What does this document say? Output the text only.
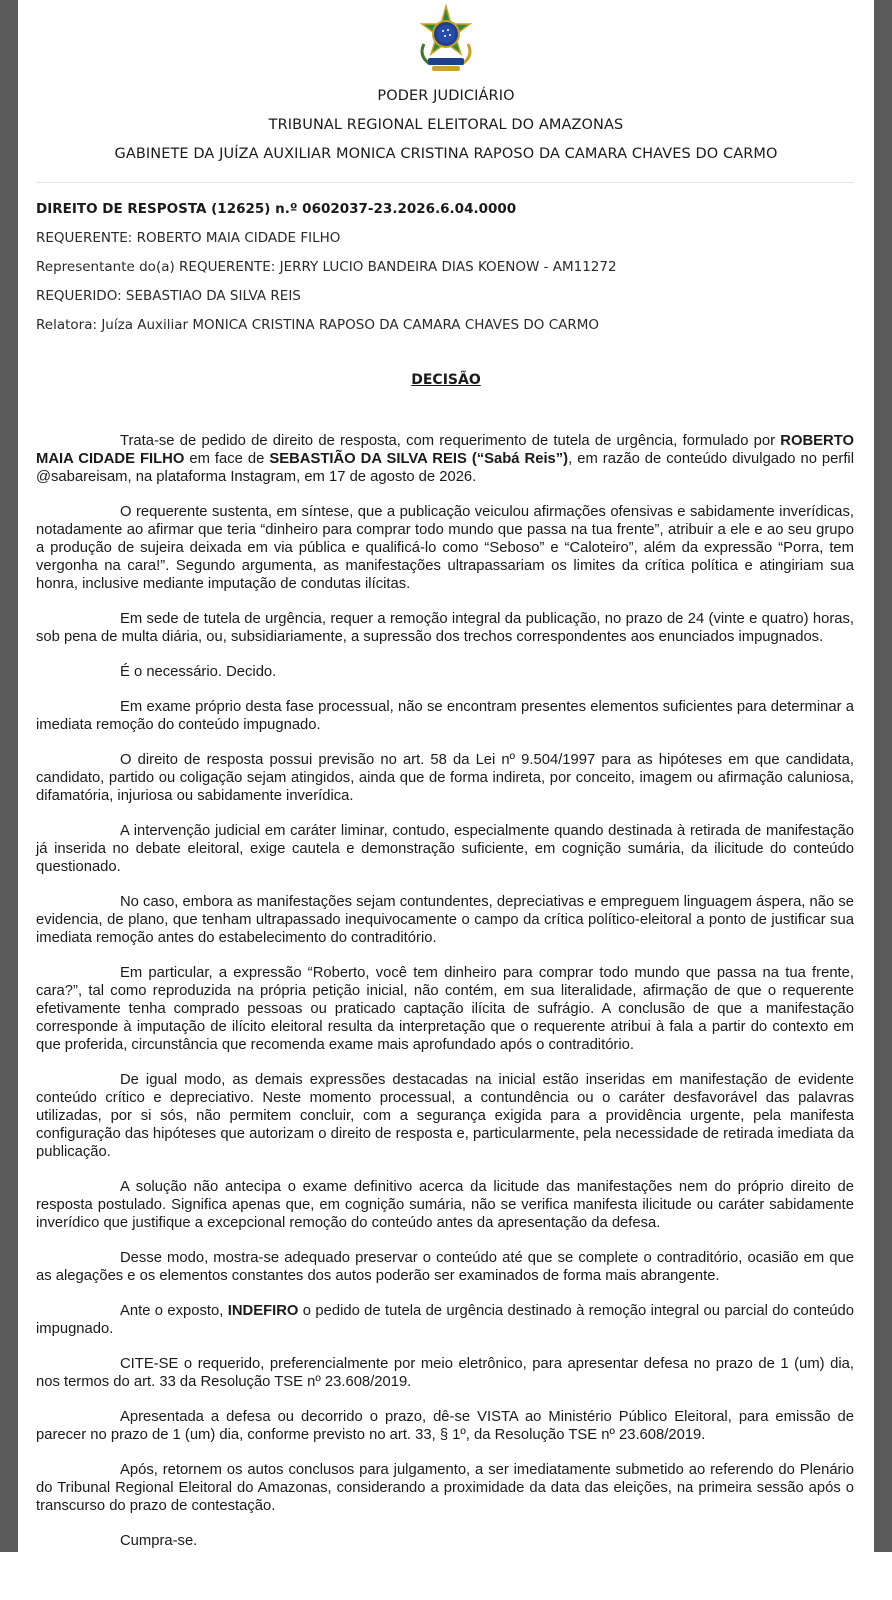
PODER JUDICIÁRIO
TRIBUNAL REGIONAL ELEITORAL DO AMAZONAS
GABINETE DA JUÍZA AUXILIAR MONICA CRISTINA RAPOSO DA CAMARA CHAVES DO CARMO
DIREITO DE RESPOSTA (12625) n.º 0602037-23.2026.6.04.0000
REQUERENTE: ROBERTO MAIA CIDADE FILHO
Representante do(a) REQUERENTE: JERRY LUCIO BANDEIRA DIAS KOENOW - AM11272
REQUERIDO: SEBASTIAO DA SILVA REIS
Relatora: Juíza Auxiliar MONICA CRISTINA RAPOSO DA CAMARA CHAVES DO CARMO
DECISÃO

Trata-se de pedido de direito de resposta, com requerimento de tutela de urgência, formulado por ROBERTO MAIA CIDADE FILHO em face de SEBASTIÃO DA SILVA REIS (“Sabá Reis”), em razão de conteúdo divulgado no perfil @sabareisam, na plataforma Instagram, em 17 de agosto de 2026.

O requerente sustenta, em síntese, que a publicação veiculou afirmações ofensivas e sabidamente inverídicas, notadamente ao afirmar que teria “dinheiro para comprar todo mundo que passa na tua frente”, atribuir a ele e ao seu grupo a produção de sujeira deixada em via pública e qualificá-lo como “Seboso” e “Caloteiro”, além da expressão “Porra, tem vergonha na cara!”. Segundo argumenta, as manifestações ultrapassariam os limites da crítica política e atingiriam sua honra, inclusive mediante imputação de condutas ilícitas.

Em sede de tutela de urgência, requer a remoção integral da publicação, no prazo de 24 (vinte e quatro) horas, sob pena de multa diária, ou, subsidiariamente, a supressão dos trechos correspondentes aos enunciados impugnados.

É o necessário. Decido.

Em exame próprio desta fase processual, não se encontram presentes elementos suficientes para determinar a imediata remoção do conteúdo impugnado.

O direito de resposta possui previsão no art. 58 da Lei nº 9.504/1997 para as hipóteses em que candidata, candidato, partido ou coligação sejam atingidos, ainda que de forma indireta, por conceito, imagem ou afirmação caluniosa, difamatória, injuriosa ou sabidamente inverídica.

A intervenção judicial em caráter liminar, contudo, especialmente quando destinada à retirada de manifestação já inserida no debate eleitoral, exige cautela e demonstração suficiente, em cognição sumária, da ilicitude do conteúdo questionado.

No caso, embora as manifestações sejam contundentes, depreciativas e empreguem linguagem áspera, não se evidencia, de plano, que tenham ultrapassado inequivocamente o campo da crítica político-eleitoral a ponto de justificar sua imediata remoção antes do estabelecimento do contraditório.

Em particular, a expressão “Roberto, você tem dinheiro para comprar todo mundo que passa na tua frente, cara?”, tal como reproduzida na própria petição inicial, não contém, em sua literalidade, afirmação de que o requerente efetivamente tenha comprado pessoas ou praticado captação ilícita de sufrágio. A conclusão de que a manifestação corresponde à imputação de ilícito eleitoral resulta da interpretação que o requerente atribui à fala a partir do contexto em que proferida, circunstância que recomenda exame mais aprofundado após o contraditório.

De igual modo, as demais expressões destacadas na inicial estão inseridas em manifestação de evidente conteúdo crítico e depreciativo. Neste momento processual, a contundência ou o caráter desfavorável das palavras utilizadas, por si sós, não permitem concluir, com a segurança exigida para a providência urgente, pela manifesta configuração das hipóteses que autorizam o direito de resposta e, particularmente, pela necessidade de retirada imediata da publicação.

A solução não antecipa o exame definitivo acerca da licitude das manifestações nem do próprio direito de resposta postulado. Significa apenas que, em cognição sumária, não se verifica manifesta ilicitude ou caráter sabidamente inverídico que justifique a excepcional remoção do conteúdo antes da apresentação da defesa.

Desse modo, mostra-se adequado preservar o conteúdo até que se complete o contraditório, ocasião em que as alegações e os elementos constantes dos autos poderão ser examinados de forma mais abrangente.

Ante o exposto, INDEFIRO o pedido de tutela de urgência destinado à remoção integral ou parcial do conteúdo impugnado.

CITE-SE o requerido, preferencialmente por meio eletrônico, para apresentar defesa no prazo de 1 (um) dia, nos termos do art. 33 da Resolução TSE nº 23.608/2019.

Apresentada a defesa ou decorrido o prazo, dê-se VISTA ao Ministério Público Eleitoral, para emissão de parecer no prazo de 1 (um) dia, conforme previsto no art. 33, § 1º, da Resolução TSE nº 23.608/2019.

Após, retornem os autos conclusos para julgamento, a ser imediatamente submetido ao referendo do Plenário do Tribunal Regional Eleitoral do Amazonas, considerando a proximidade da data das eleições, na primeira sessão após o transcurso do prazo de contestação.

Cumpra-se.
